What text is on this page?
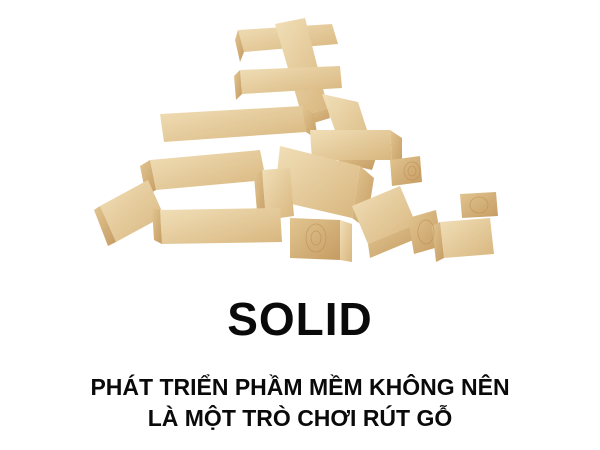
SOLID
PHÁT TRIỂN PHẦM MỀM KHÔNG NÊN
LÀ MỘT TRÒ CHƠI RÚT GỖ
